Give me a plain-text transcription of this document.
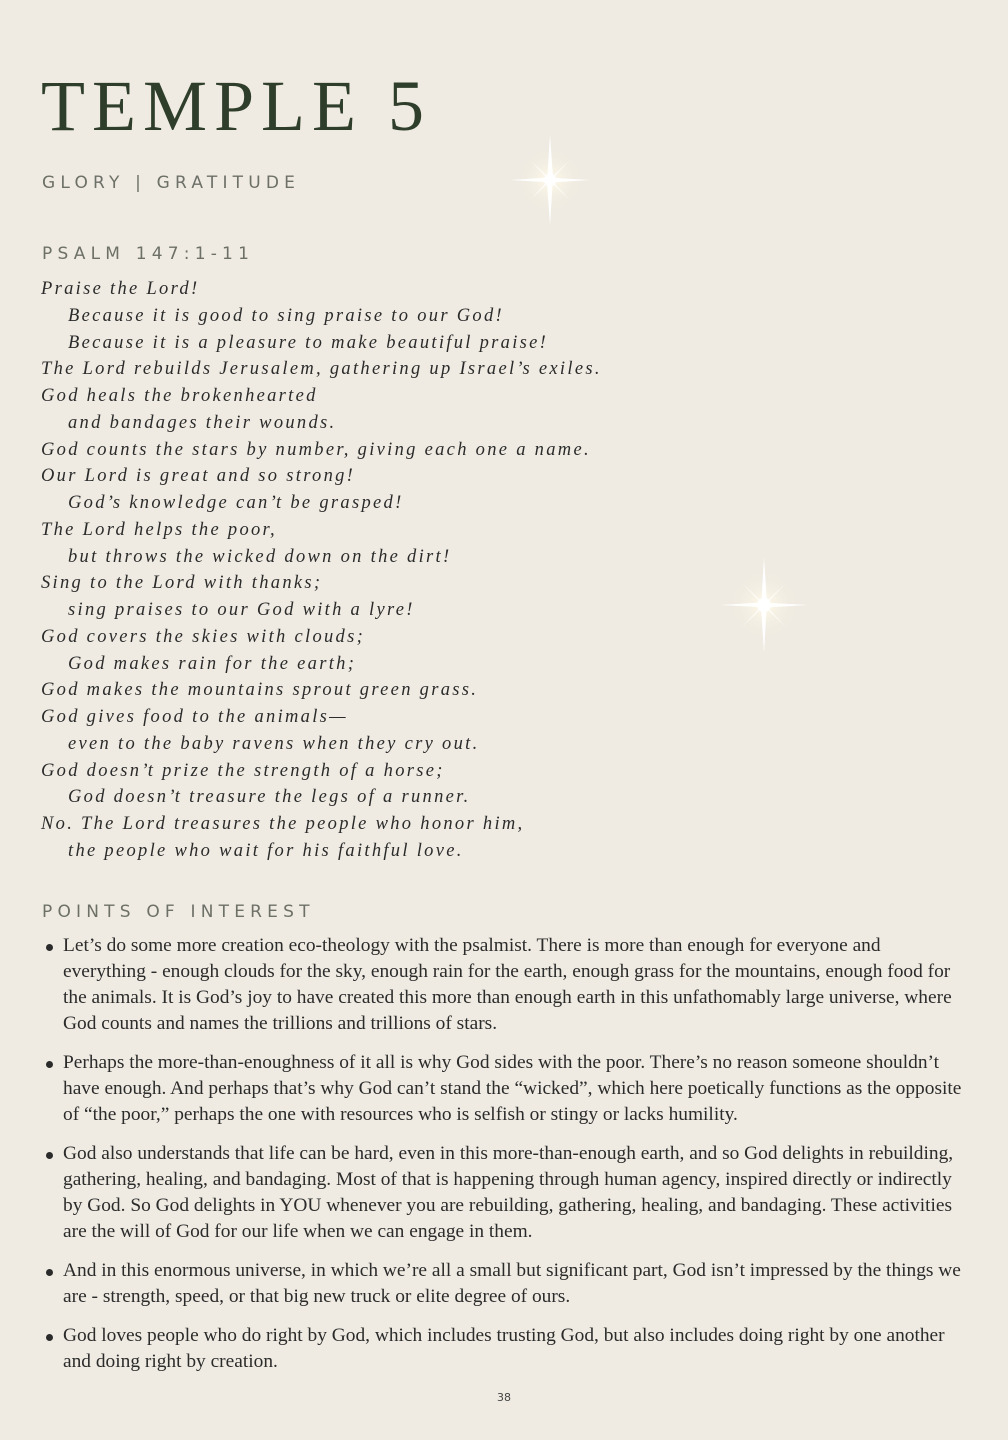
TEMPLE 5
GLORY | GRATITUDE
PSALM 147:1-11
Praise the Lord!
Because it is good to sing praise to our God!
Because it is a pleasure to make beautiful praise!
The Lord rebuilds Jerusalem, gathering up Israel’s exiles.
God heals the brokenhearted
and bandages their wounds.
God counts the stars by number, giving each one a name.
Our Lord is great and so strong!
God’s knowledge can’t be grasped!
The Lord helps the poor,
but throws the wicked down on the dirt!
Sing to the Lord with thanks;
sing praises to our God with a lyre!
God covers the skies with clouds;
God makes rain for the earth;
God makes the mountains sprout green grass.
God gives food to the animals—
even to the baby ravens when they cry out.
God doesn’t prize the strength of a horse;
God doesn’t treasure the legs of a runner.
No. The Lord treasures the people who honor him,
the people who wait for his faithful love.
POINTS OF INTEREST
Let’s do some more creation eco-theology with the psalmist. There is more than enough for everyone and everything - enough clouds for the sky, enough rain for the earth, enough grass for the mountains, enough food for the animals. It is God’s joy to have created this more than enough earth in this unfathomably large universe, where God counts and names the trillions and trillions of stars.
Perhaps the more-than-enoughness of it all is why God sides with the poor. There’s no reason someone shouldn’t have enough. And perhaps that’s why God can’t stand the “wicked”, which here poetically functions as the opposite of “the poor,” perhaps the one with resources who is selfish or stingy or lacks humility.
God also understands that life can be hard, even in this more-than-enough earth, and so God delights in rebuilding, gathering, healing, and bandaging. Most of that is happening through human agency, inspired directly or indirectly by God. So God delights in YOU whenever you are rebuilding, gathering, healing, and bandaging. These activities are the will of God for our life when we can engage in them.
And in this enormous universe, in which we’re all a small but significant part, God isn’t impressed by the things we are - strength, speed, or that big new truck or elite degree of ours.
God loves people who do right by God, which includes trusting God, but also includes doing right by one another and doing right by creation.
38
